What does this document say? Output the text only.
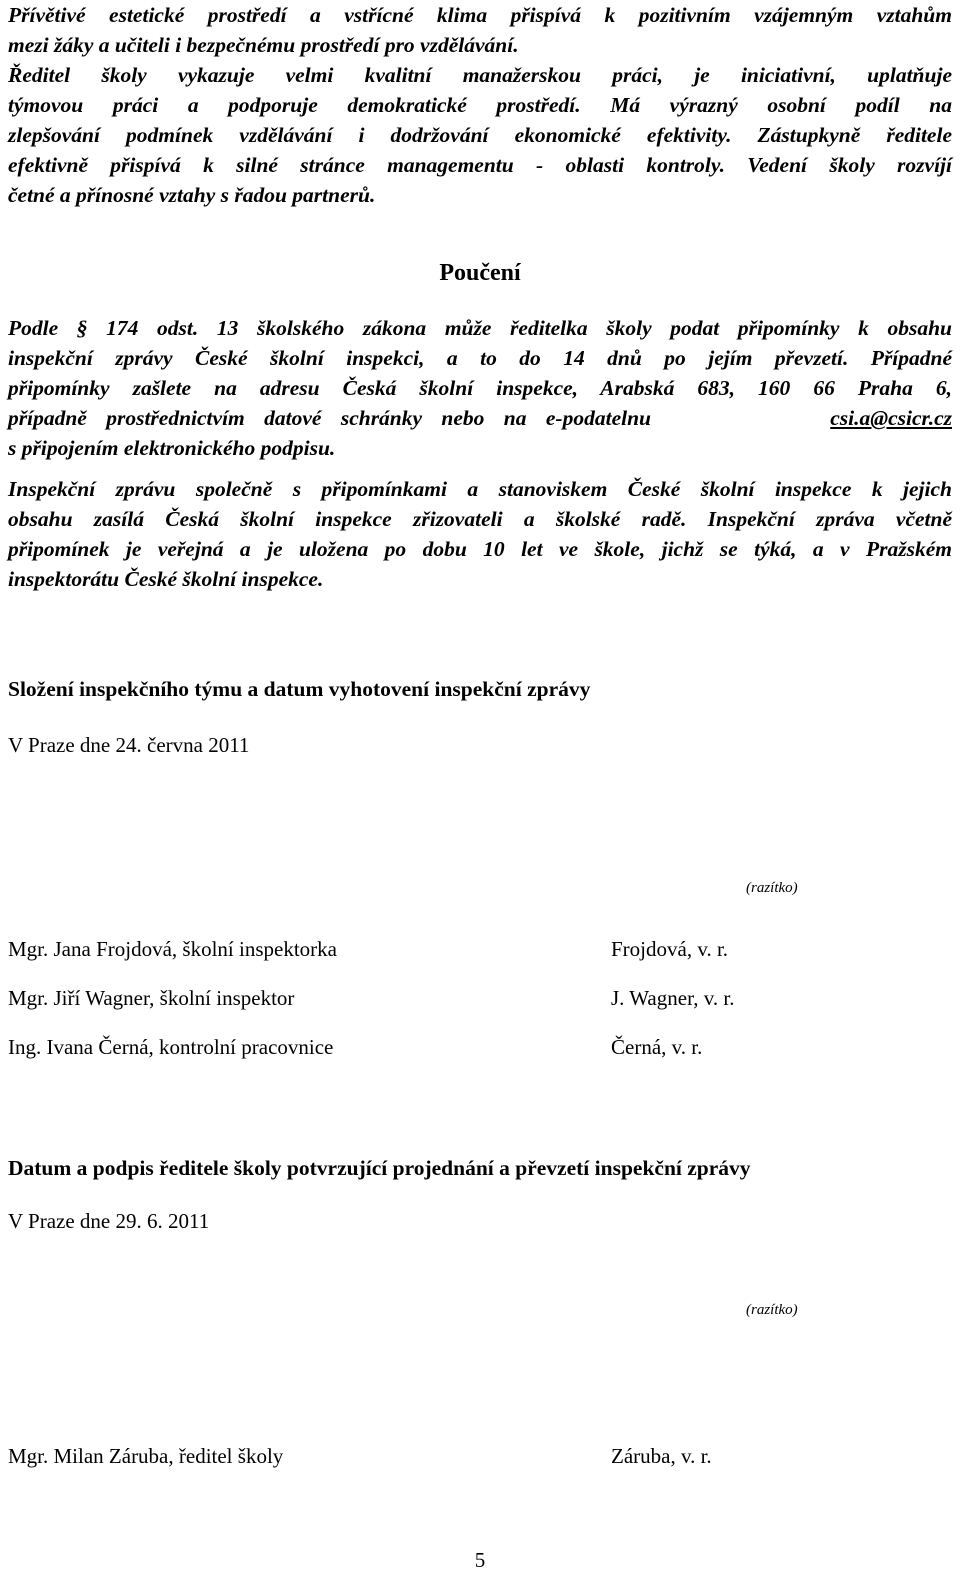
Přívětivé estetické prostředí a vstřícné klima přispívá k pozitivním vzájemným vztahům
mezi žáky a učiteli i bezpečnému prostředí pro vzdělávání.
Ředitel školy vykazuje velmi kvalitní manažerskou práci, je iniciativní, uplatňuje
týmovou práci a podporuje demokratické prostředí. Má výrazný osobní podíl na
zlepšování podmínek vzdělávání i dodržování ekonomické efektivity. Zástupkyně ředitele
efektivně přispívá k silné stránce managementu - oblasti kontroly. Vedení školy rozvíjí
četné a přínosné vztahy s řadou partnerů.
Poučení
Podle § 174 odst. 13 školského zákona může ředitelka školy podat připomínky k obsahu
inspekční zprávy České školní inspekci, a to do 14 dnů po jejím převzetí. Případné
připomínky zašlete na adresu Česká školní inspekce, Arabská 683, 160 66 Praha 6,
případně prostřednictvím datové schránky nebo na e-podatelnu	csi.a@csicr.cz
s připojením elektronického podpisu.
Inspekční zprávu společně s připomínkami a stanoviskem České školní inspekce k jejich
obsahu zasílá Česká školní inspekce zřizovateli a školské radě. Inspekční zpráva včetně
připomínek je veřejná a je uložena po dobu 10 let ve škole, jichž se týká, a v Pražském
inspektorátu České školní inspekce.
Složení inspekčního týmu a datum vyhotovení inspekční zprávy
V Praze dne 24. června 2011
(razítko)
Mgr. Jana Frojdová, školní inspektorka	Frojdová, v. r.
Mgr. Jiří Wagner, školní inspektor	J. Wagner, v. r.
Ing. Ivana Černá, kontrolní pracovnice	Černá, v. r.
Datum a podpis ředitele školy potvrzující projednání a převzetí inspekční zprávy
V Praze dne 29. 6. 2011
(razítko)
Mgr. Milan Záruba, ředitel školy	Záruba, v. r.
5
